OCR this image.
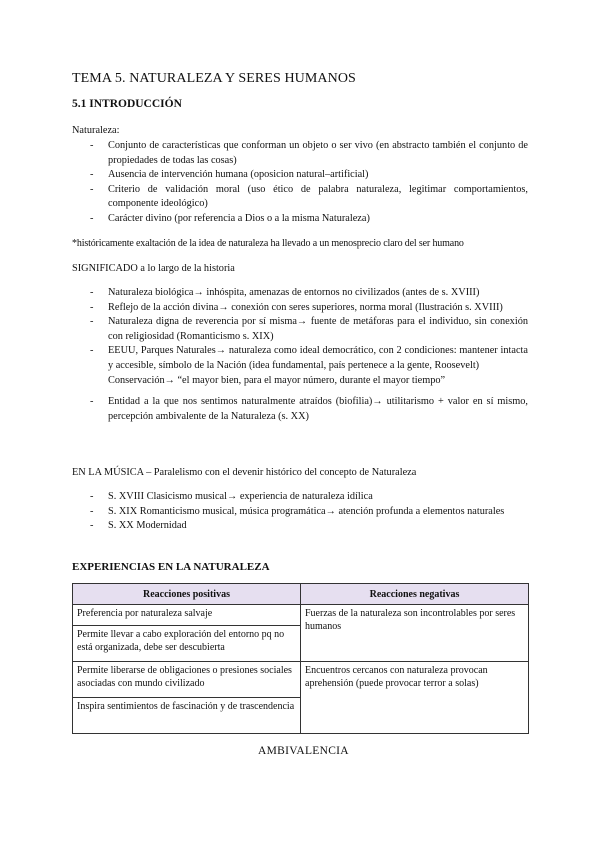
TEMA 5. NATURALEZA Y SERES HUMANOS
5.1 INTRODUCCIÓN
Naturaleza:
- Conjunto de características que conforman un objeto o ser vivo (en abstracto también el conjunto de propiedades de todas las cosas)
- Ausencia de intervención humana (oposicion natural–artificial)
- Criterio de validación moral (uso ético de palabra naturaleza, legitimar comportamientos, componente ideológico)
- Carácter divino (por referencia a Dios o a la misma Naturaleza)
*históricamente exaltación de la idea de naturaleza ha llevado a un menosprecio claro del ser humano
SIGNIFICADO a lo largo de la historia
- Naturaleza biológica→ inhóspita, amenazas de entornos no civilizados (antes de s. XVIII)
- Reflejo de la acción divina→ conexión con seres superiores, norma moral (Ilustración s. XVIII)
- Naturaleza digna de reverencia por sí misma→ fuente de metáforas para el individuo, sin conexión con religiosidad (Romanticismo s. XIX)
- EEUU, Parques Naturales→ naturaleza como ideal democrático, con 2 condiciones: mantener intacta y accesible, símbolo de la Nación (idea fundamental, país pertenece a la gente, Roosevelt)
Conservación→ “el mayor bien, para el mayor número, durante el mayor tiempo”
- Entidad a la que nos sentimos naturalmente atraídos (biofilia)→ utilitarismo + valor en sí mismo, percepción ambivalente de la Naturaleza (s. XX)
EN LA MÚSICA – Paralelismo con el devenir histórico del concepto de Naturaleza
- S. XVIII Clasicismo musical→ experiencia de naturaleza idílica
- S. XIX Romanticismo musical, música programática→ atención profunda a elementos naturales
- S. XX Modernidad
EXPERIENCIAS EN LA NATURALEZA
Reacciones positivas	Reacciones negativas
Preferencia por naturaleza salvaje	Fuerzas de la naturaleza son incontrolables por seres humanos
Permite llevar a cabo exploración del entorno pq no está organizada, debe ser descubierta	
Permite liberarse de obligaciones o presiones sociales asociadas con mundo civilizado	Encuentros cercanos con naturaleza provocan aprehensión (puede provocar terror a solas)
Inspira sentimientos de fascinación y de trascendencia	
AMBIVALENCIA
